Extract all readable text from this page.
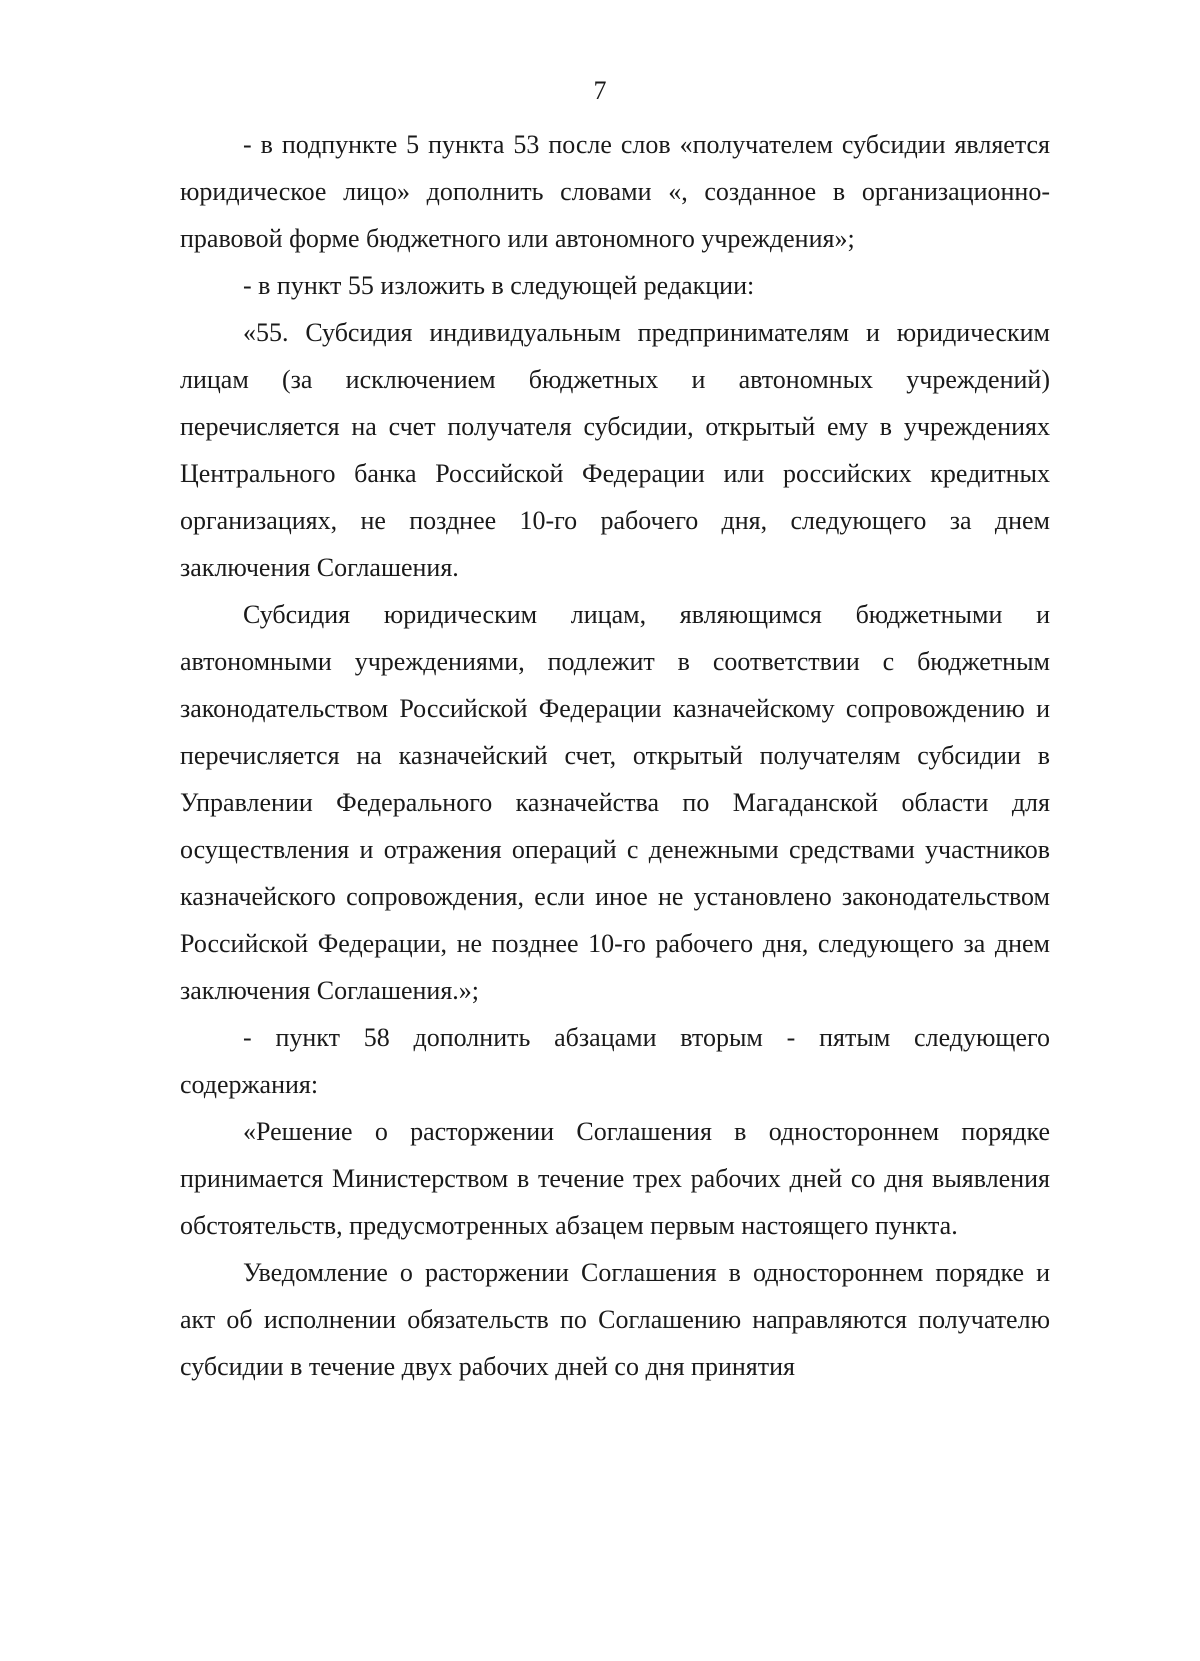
7

- в подпункте 5 пункта 53 после слов «получателем субсидии является юридическое лицо» дополнить словами «, созданное в организационно-правовой форме бюджетного или автономного учреждения»;

- в пункт 55 изложить в следующей редакции:

«55. Субсидия индивидуальным предпринимателям и юридическим лицам (за исключением бюджетных и автономных учреждений) перечисляется на счет получателя субсидии, открытый ему в учреждениях Центрального банка Российской Федерации или российских кредитных организациях, не позднее 10-го рабочего дня, следующего за днем заключения Соглашения.

Субсидия юридическим лицам, являющимся бюджетными и автономными учреждениями, подлежит в соответствии с бюджетным законодательством Российской Федерации казначейскому сопровождению и перечисляется на казначейский счет, открытый получателям субсидии в Управлении Федерального казначейства по Магаданской области для осуществления и отражения операций с денежными средствами участников казначейского сопровождения, если иное не установлено законодательством Российской Федерации, не позднее 10-го рабочего дня, следующего за днем заключения Соглашения.»;

- пункт 58 дополнить абзацами вторым - пятым следующего содержания:

«Решение о расторжении Соглашения в одностороннем порядке принимается Министерством в течение трех рабочих дней со дня выявления обстоятельств, предусмотренных абзацем первым настоящего пункта.

Уведомление о расторжении Соглашения в одностороннем порядке и акт об исполнении обязательств по Соглашению направляются получателю субсидии в течение двух рабочих дней со дня принятия
